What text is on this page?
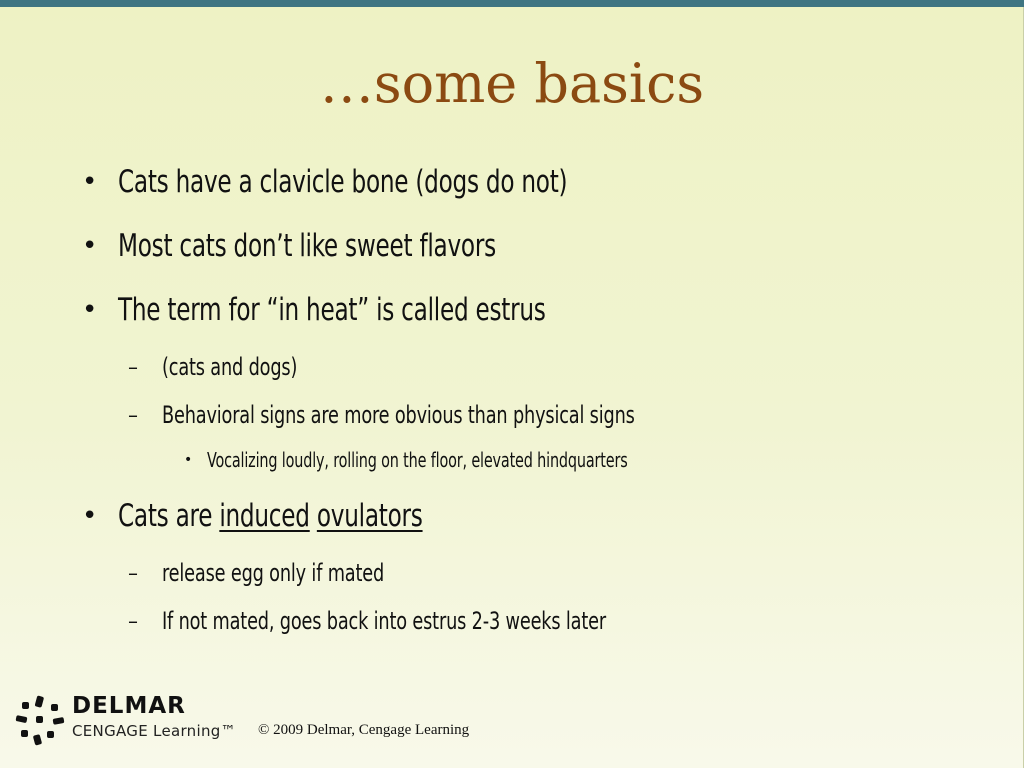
…some basics
• Cats have a clavicle bone (dogs do not)
• Most cats don’t like sweet flavors
• The term for “in heat” is called estrus
– (cats and dogs)
– Behavioral signs are more obvious than physical signs
• Vocalizing loudly, rolling on the floor, elevated hindquarters
• Cats are induced ovulators
– release egg only if mated
– If not mated, goes back into estrus 2-3 weeks later
DELMAR
CENGAGE Learning™ © 2009 Delmar, Cengage Learning
